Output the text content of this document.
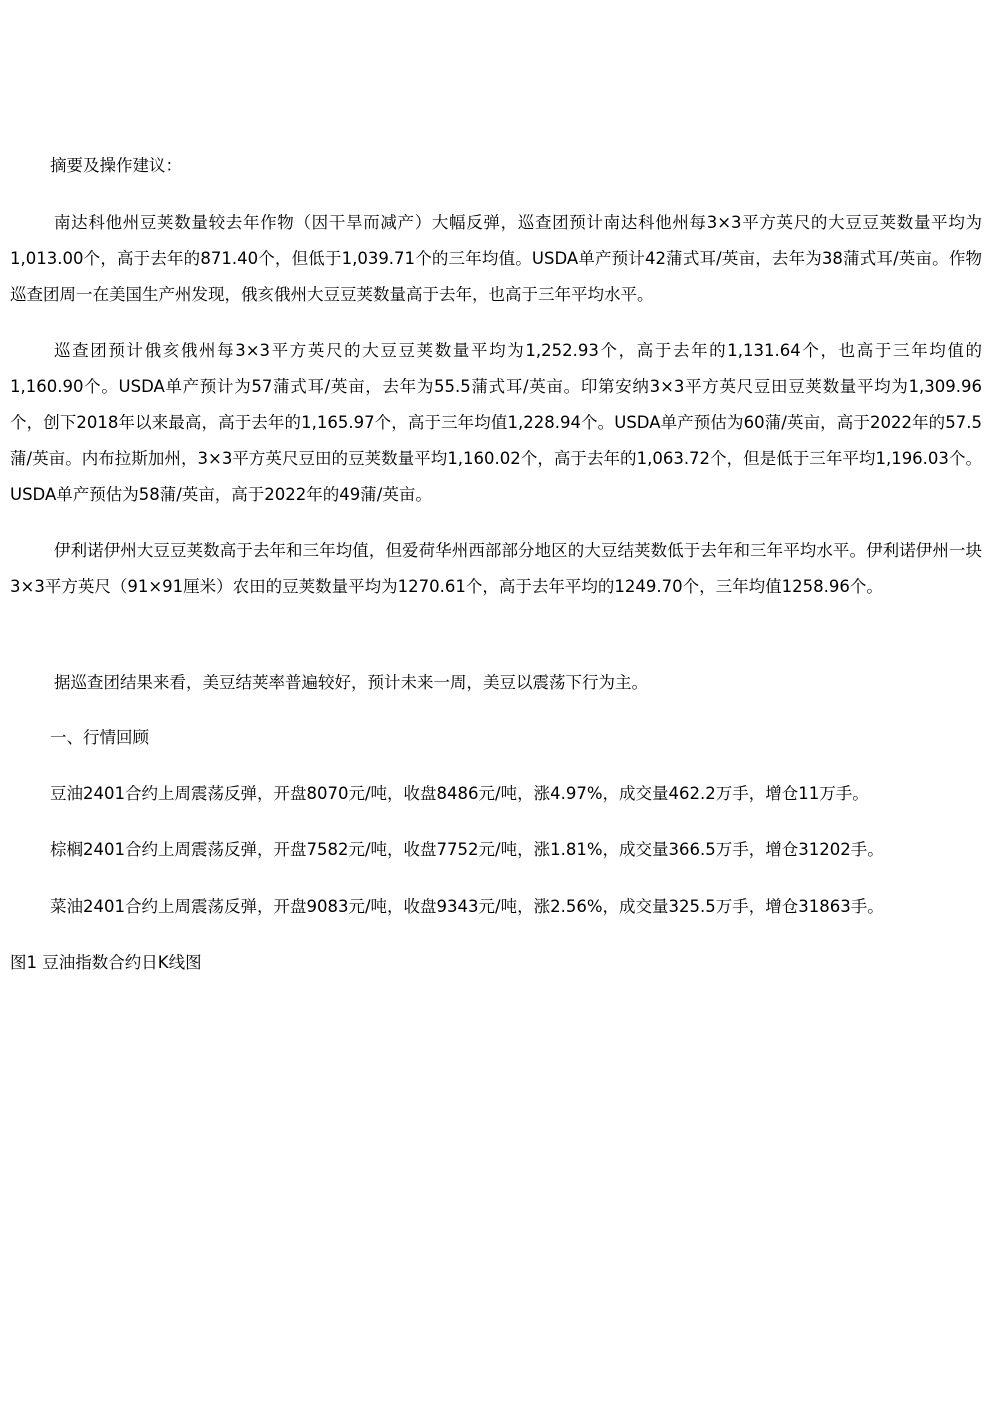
摘要及操作建议：

南达科他州豆荚数量较去年作物（因干旱而减产）大幅反弹，巡查团预计南达科他州每3×3平方英尺的大豆豆荚数量平均为1,013.00个，高于去年的871.40个，但低于1,039.71个的三年均值。USDA单产预计42蒲式耳/英亩，去年为38蒲式耳/英亩。作物巡查团周一在美国生产州发现，俄亥俄州大豆豆荚数量高于去年，也高于三年平均水平。

巡查团预计俄亥俄州每3×3平方英尺的大豆豆荚数量平均为1,252.93个，高于去年的1,131.64个，也高于三年均值的1,160.90个。USDA单产预计为57蒲式耳/英亩，去年为55.5蒲式耳/英亩。印第安纳3×3平方英尺豆田豆荚数量平均为1,309.96个，创下2018年以来最高，高于去年的1,165.97个，高于三年均值1,228.94个。USDA单产预估为60蒲/英亩，高于2022年的57.5蒲/英亩。内布拉斯加州，3×3平方英尺豆田的豆荚数量平均1,160.02个，高于去年的1,063.72个，但是低于三年平均1,196.03个。USDA单产预估为58蒲/英亩，高于2022年的49蒲/英亩。

伊利诺伊州大豆豆荚数高于去年和三年均值，但爱荷华州西部部分地区的大豆结荚数低于去年和三年平均水平。伊利诺伊州一块3×3平方英尺（91×91厘米）农田的豆荚数量平均为1270.61个，高于去年平均的1249.70个，三年均值1258.96个。

据巡查团结果来看，美豆结荚率普遍较好，预计未来一周，美豆以震荡下行为主。

一、行情回顾

豆油2401合约上周震荡反弹，开盘8070元/吨，收盘8486元/吨，涨4.97%，成交量462.2万手，增仓11万手。

棕榈2401合约上周震荡反弹，开盘7582元/吨，收盘7752元/吨，涨1.81%，成交量366.5万手，增仓31202手。

菜油2401合约上周震荡反弹，开盘9083元/吨，收盘9343元/吨，涨2.56%，成交量325.5万手，增仓31863手。

图1 豆油指数合约日K线图
